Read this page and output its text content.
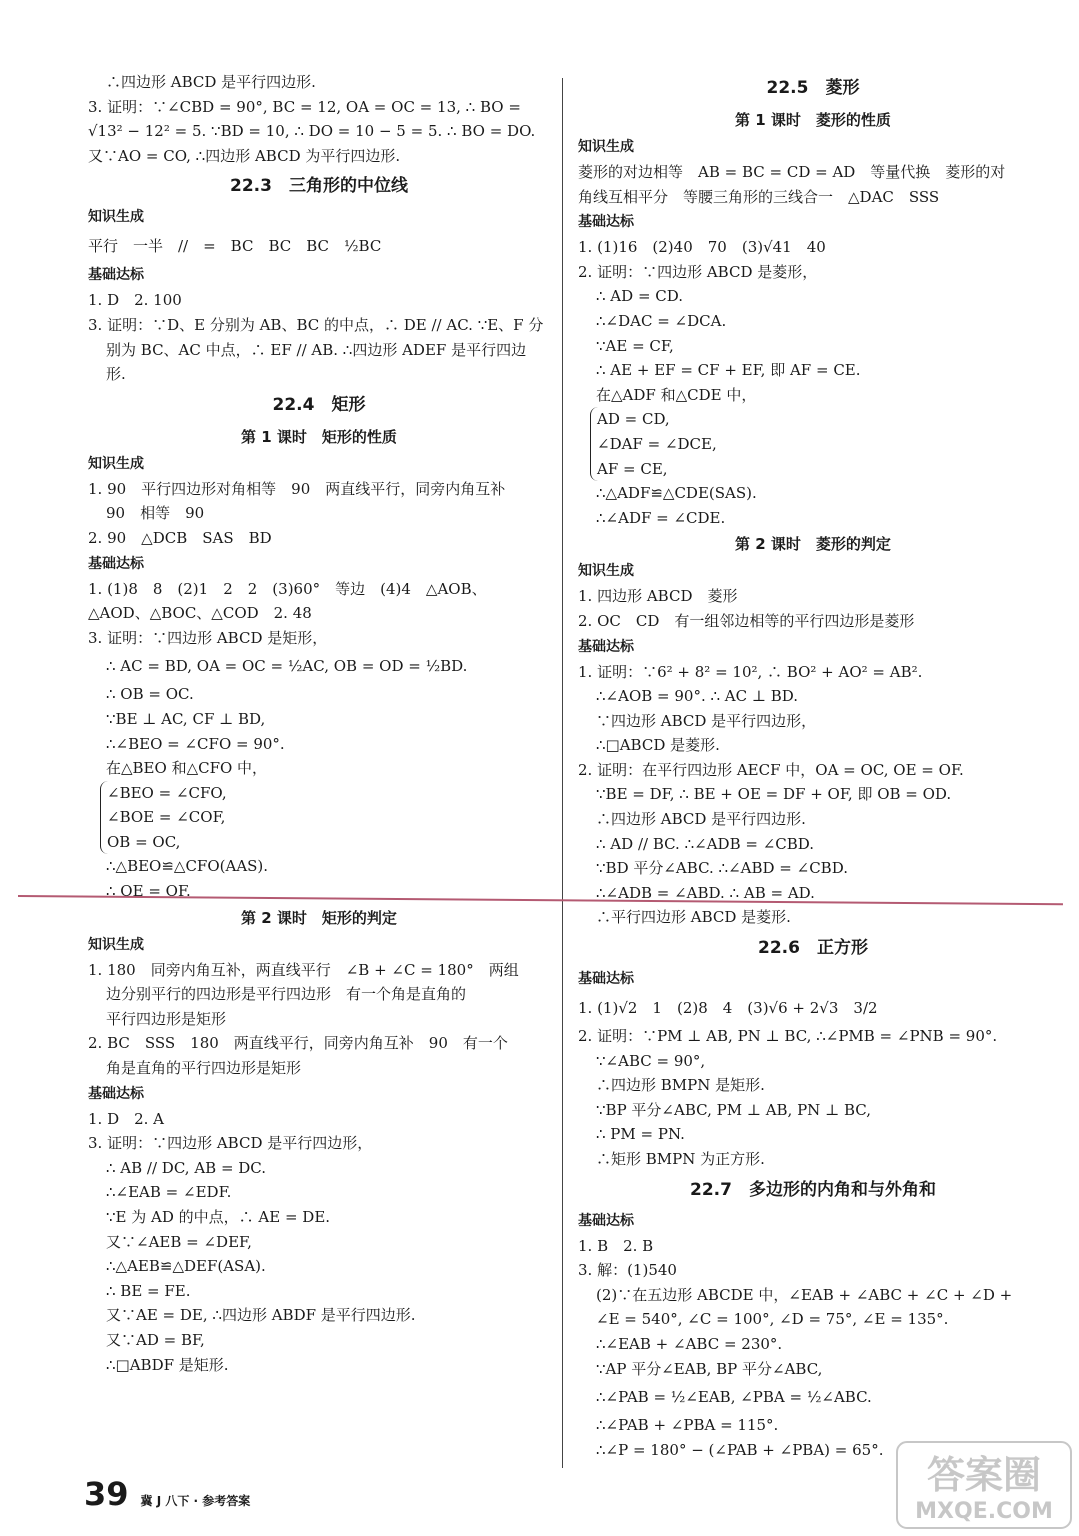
∴四边形 ABCD 是平行四边形.
3. 证明：∵∠CBD = 90°, BC = 12, OA = OC = 13, ∴ BO =
√13² − 12² = 5. ∵BD = 10, ∴ DO = 10 − 5 = 5. ∴ BO = DO.
又∵AO = CO, ∴四边形 ABCD 为平行四边形.
22.3　三角形的中位线
知识生成
平行　一半　//　=　BC　BC　BC　½BC
基础达标
1. D　2. 100
3. 证明：∵D、E 分别为 AB、BC 的中点，∴ DE // AC. ∵E、F 分
别为 BC、AC 中点，∴ EF // AB. ∴四边形 ADEF 是平行四边
形.
22.4　矩形
第 1 课时　矩形的性质
知识生成
1. 90　平行四边形对角相等　90　两直线平行，同旁内角互补
90　相等　90
2. 90　△DCB　SAS　BD
基础达标
1. (1)8　8　(2)1　2　2　(3)60°　等边　(4)4　△AOB、
△AOD、△BOC、△COD　2. 48
3. 证明：∵四边形 ABCD 是矩形，
∴ AC = BD, OA = OC = ½AC, OB = OD = ½BD.
∴ OB = OC.
∵BE ⊥ AC, CF ⊥ BD,
∴∠BEO = ∠CFO = 90°.
在△BEO 和△CFO 中，
∠BEO = ∠CFO,
∠BOE = ∠COF,
OB = OC,
∴△BEO≌△CFO(AAS).
∴ OE = OF.
第 2 课时　矩形的判定
知识生成
1. 180　同旁内角互补，两直线平行　∠B + ∠C = 180°　两组
边分别平行的四边形是平行四边形　有一个角是直角的
平行四边形是矩形
2. BC　SSS　180　两直线平行，同旁内角互补　90　有一个
角是直角的平行四边形是矩形
基础达标
1. D　2. A
3. 证明：∵四边形 ABCD 是平行四边形，
∴ AB // DC, AB = DC.
∴∠EAB = ∠EDF.
∵E 为 AD 的中点，∴ AE = DE.
又∵∠AEB = ∠DEF,
∴△AEB≌△DEF(ASA).
∴ BE = FE.
又∵AE = DE, ∴四边形 ABDF 是平行四边形.
又∵AD = BF,
∴□ABDF 是矩形.
22.5　菱形
第 1 课时　菱形的性质
知识生成
菱形的对边相等　AB = BC = CD = AD　等量代换　菱形的对
角线互相平分　等腰三角形的三线合一　△DAC　SSS
基础达标
1. (1)16　(2)40　70　(3)√41　40
2. 证明：∵四边形 ABCD 是菱形，
∴ AD = CD.
∴∠DAC = ∠DCA.
∵AE = CF,
∴ AE + EF = CF + EF, 即 AF = CE.
在△ADF 和△CDE 中，
AD = CD,
∠DAF = ∠DCE,
AF = CE,
∴△ADF≌△CDE(SAS).
∴∠ADF = ∠CDE.
第 2 课时　菱形的判定
知识生成
1. 四边形 ABCD　菱形
2. OC　CD　有一组邻边相等的平行四边形是菱形
基础达标
1. 证明：∵6² + 8² = 10², ∴ BO² + AO² = AB².
∴∠AOB = 90°. ∴ AC ⊥ BD.
∵四边形 ABCD 是平行四边形，
∴□ABCD 是菱形.
2. 证明：在平行四边形 AECF 中，OA = OC, OE = OF.
∵BE = DF, ∴ BE + OE = DF + OF, 即 OB = OD.
∴四边形 ABCD 是平行四边形.
∴ AD // BC. ∴∠ADB = ∠CBD.
∵BD 平分∠ABC. ∴∠ABD = ∠CBD.
∴∠ADB = ∠ABD. ∴ AB = AD.
∴平行四边形 ABCD 是菱形.
22.6　正方形
基础达标
1. (1)√2　1　(2)8　4　(3)√6 + 2√3　3/2
2. 证明：∵PM ⊥ AB, PN ⊥ BC, ∴∠PMB = ∠PNB = 90°.
∵∠ABC = 90°,
∴四边形 BMPN 是矩形.
∵BP 平分∠ABC, PM ⊥ AB, PN ⊥ BC,
∴ PM = PN.
∴矩形 BMPN 为正方形.
22.7　多边形的内角和与外角和
基础达标
1. B　2. B
3. 解：(1)540
(2)∵在五边形 ABCDE 中，∠EAB + ∠ABC + ∠C + ∠D +
∠E = 540°, ∠C = 100°, ∠D = 75°, ∠E = 135°.
∴∠EAB + ∠ABC = 230°.
∵AP 平分∠EAB, BP 平分∠ABC,
∴∠PAB = ½∠EAB, ∠PBA = ½∠ABC.
∴∠PAB + ∠PBA = 115°.
∴∠P = 180° − (∠PAB + ∠PBA) = 65°.
39 冀 J 八下 · 参考答案
答案圈
MXQE.COM
